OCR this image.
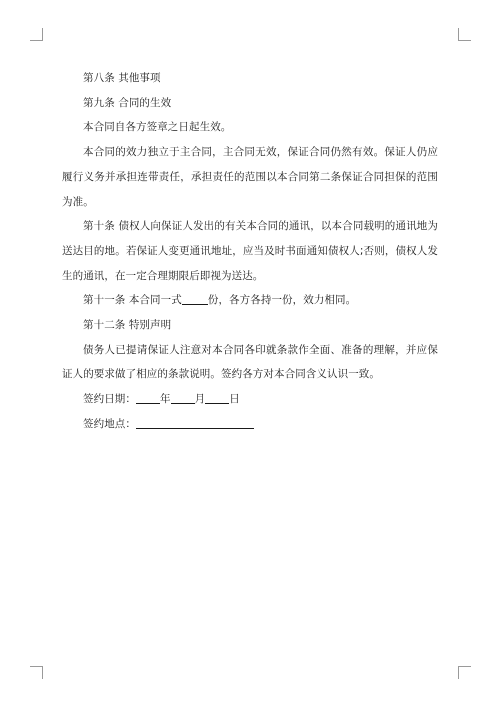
第八条 其他事项

第九条 合同的生效

本合同自各方签章之日起生效。

本合同的效力独立于主合同，主合同无效，保证合同仍然有效。保证人仍应履行义务并承担连带责任，承担责任的范围以本合同第二条保证合同担保的范围为准。

第十条 债权人向保证人发出的有关本合同的通讯，以本合同载明的通讯地为送达目的地。若保证人变更通讯地址，应当及时书面通知债权人;否则，债权人发生的通讯，在一定合理期限后即视为送达。

第十一条 本合同一式 份，各方各持一份，效力相同。

第十二条 特别声明

债务人已提请保证人注意对本合同各印就条款作全面、准备的理解，并应保证人的要求做了相应的条款说明。签约各方对本合同含义认识一致。

签约日期： 年 月 日

签约地点：
